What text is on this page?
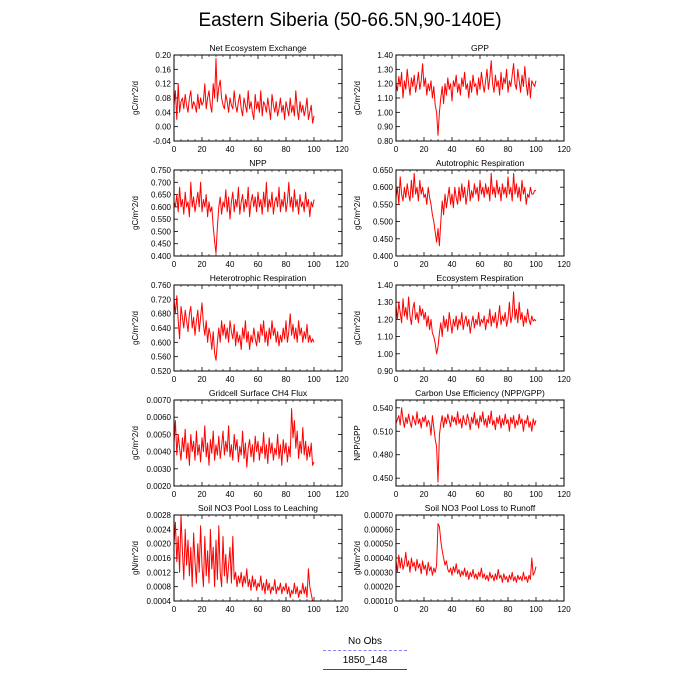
Eastern Siberia (50-66.5N,90-140E)
Net Ecosystem Exchange
gC/m^2/d
0	20 40 60 80 100 120
-0.04
0.00
0.04
0.08
0.12
0.16
0.20
GPP
gC/m^2/d
0	20 40 60 80 100 120
0.80
0.90
1.00
1.10
1.20
1.30
1.40
NPP
gC/m^2/d
0	20 40 60 80 100 120
0.400
0.450
0.500
0.550
0.600
0.650
0.700
0.750
Autotrophic Respiration
gC/m^2/d
0	20 40 60 80 100 120
0.400
0.450
0.500
0.550
0.600
0.650
Heterotrophic Respiration
gC/m^2/d
0	20 40 60 80 100 120
0.520
0.560
0.600
0.640
0.680
0.720
0.760
Ecosystem Respiration
gC/m^2/d
0	20 40 60 80 100 120
0.90
1.00
1.10
1.20
1.30
1.40
Gridcell Surface CH4 Flux
gC/m^2/d
0	20 40 60 80 100 120
0.0020
0.0030
0.0040
0.0050
0.0060
0.0070
Carbon Use Efficiency (NPP/GPP)
NPP/GPP
0	20 40 60 80 100 120
0.450
0.480
0.510
0.540
Soil NO3 Pool Loss to Leaching
gN/m^2/d
0	20 40 60 80 100 120
0.0004
0.0008
0.0012
0.0016
0.0020
0.0024
0.0028
Soil NO3 Pool Loss to Runoff
gN/m^2/d
0	20 40 60 80 100 120
0.00010
0.00020
0.00030
0.00040
0.00050
0.00060
0.00070
No Obs
1850_148
